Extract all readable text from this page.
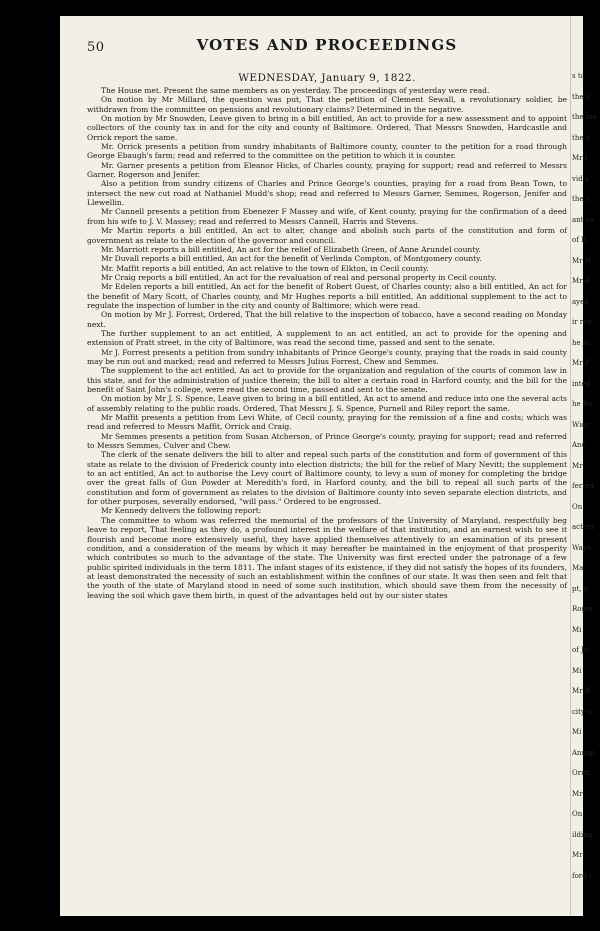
50	VOTES AND PROCEEDINGS
WEDNESDAY, January 9, 1822.

The House met. Present the same members as on yesterday. The proceedings of yesterday were read.

On motion by Mr Millard, the question was put, That the petition of Clement Sewall, a revolutionary soldier, be withdrawn from the committee on pensions and revolutionary claims? Determined in the negative.

On motion by Mr Snowden, Leave given to bring in a bill entitled, An act to provide for a new assessment and to appoint collectors of the county tax in and for the city and county of Baltimore. Ordered, That Messrs Snowden, Hardcastle and Orrick report the same.

Mr. Orrick presents a petition from sundry inhabitants of Baltimore county, counter to the petition for a road through George Ebaugh's farm; read and referred to the committee on the petition to which it is counter.

Mr. Garner presents a petition from Eleanor Hicks, of Charles county, praying for support; read and referred to Messrs Garner, Rogerson and Jenifer.

Also a petition from sundry citizens of Charles and Prince George's counties, praying for a road from Bean Town, to intersect the new cut road at Nathaniel Mudd's shop; read and referred to Messrs Garner, Semmes, Rogerson, Jenifer and Llewellin.

Mr Cannell presents a petition from Ebenezer F Massey and wife, of Kent county, praying for the confirmation of a deed from his wife to J. V. Massey; read and referred to Messrs Cannell, Harris and Stevens.

Mr Martin reports a bill entitled, An act to alter, change and abolish such parts of the constitution and form of government as relate to the election of the governor and council.

Mr. Marriott reports a bill entitled, An act for the relief of Elizabeth Green, of Anne Arundel county.

Mr Duvall reports a bill entitled, An act for the benefit of Verlinda Compton, of Montgomery county.

Mr. Maffit reports a bill entitled, An act relative to the town of Elkton, in Cecil county.

Mr Craig reports a bill entitled, An act for the revaluation of real and personal property in Cecil county.

Mr Edelen reports a bill entitled, An act for the benefit of Robert Guest, of Charles county; also a bill entitled, An act for the benefit of Mary Scott, of Charles county, and Mr Hughes reports a bill entitled, An additional supplement to the act to regulate the inspection of lumber in the city and county of Baltimore; which were read.

On motion by Mr J. Forrest, Ordered, That the bill relative to the inspection of tobacco, have a second reading on Monday next.

The further supplement to an act entitled, A supplement to an act entitled, an act to provide for the opening and extension of Pratt street, in the city of Baltimore, was read the second time, passed and sent to the senate.

Mr J. Forrest presents a petition from sundry inhabitants of Prince George's county, praying that the roads in said county may be run out and marked; read and referred to Messrs Julius Forrest, Chew and Semmes.

The supplement to the act entitled, An act to provide for the organization and regulation of the courts of common law in this state, and for the administration of justice therein; the bill to alter a certain road in Harford county, and the bill for the benefit of Saint John's college, were read the second time, passed and sent to the senate.

On motion by Mr J. S. Spence, Leave given to bring in a bill entitled, An act to amend and reduce into one the several acts of assembly relating to the public roads. Ordered, That Messrs J. S. Spence, Purnell and Riley report the same.

Mr Maffit presents a petition from Levi White, of Cecil county, praying for the remission of a fine and costs; which was read and referred to Messrs Maffit, Orrick and Craig.

Mr Semmes presents a petition from Susan Atcherson, of Prince George's county, praying for support; read and referred to Messrs Semmes, Culver and Chew.

The clerk of the senate delivers the bill to alter and repeal such parts of the constitution and form of government of this state as relate to the division of Frederick county into election districts; the bill for the relief of Mary Nevitt; the supplement to an act entitled, An act to authorise the Levy court of Baltimore county, to levy a sum of money for completing the bridge over the great falls of Gun Powder at Meredith's ford, in Harford county, and the bill to repeal all such parts of the constitution and form of government as relates to the division of Baltimore county into seven separate election districts, and for other purposes, severally endorsed, "will pass." Ordered to be engrossed.

Mr Kennedy delivers the following report:

The committee to whom was referred the memorial of the professors of the University of Maryland, respectfully beg leave to report, That feeling as they do, a profound interest in the welfare of that institution, and an earnest wish to see it flourish and become more extensively useful, they have applied themselves attentively to an examination of its present condition, and a consideration of the means by which it may hereafter be maintained in the enjoyment of that prosperity which contributes so much to the advantage of the state. The University was first erected under the patronage of a few public spirited individuals in the term 1811. The infant stages of its existence, if they did not satisfy the hopes of its founders, at least demonstrated the necessity of such an establishment within the confines of our state. It was then seen and felt that the youth of the state of Maryland stood in need of some such institution, which should save them from the necessity of leaving the soil which gave them birth, in quest of the advantages held out by our sister states

s to
the U
the ma
the v
Mr I
vid a
the c
ant co
of B
Mr H
Mr B
ayed
ir ren
he ju
Mr P
inted
he Ba
Wicc
Anc
Mr
ferred
On
act en
Wayn
Ma
pt, p
Roger
Mi
of Ju
Mi
Mr B
city o
Mi
Annap
Orric
Mr
On
ilding
Mr
ford c
